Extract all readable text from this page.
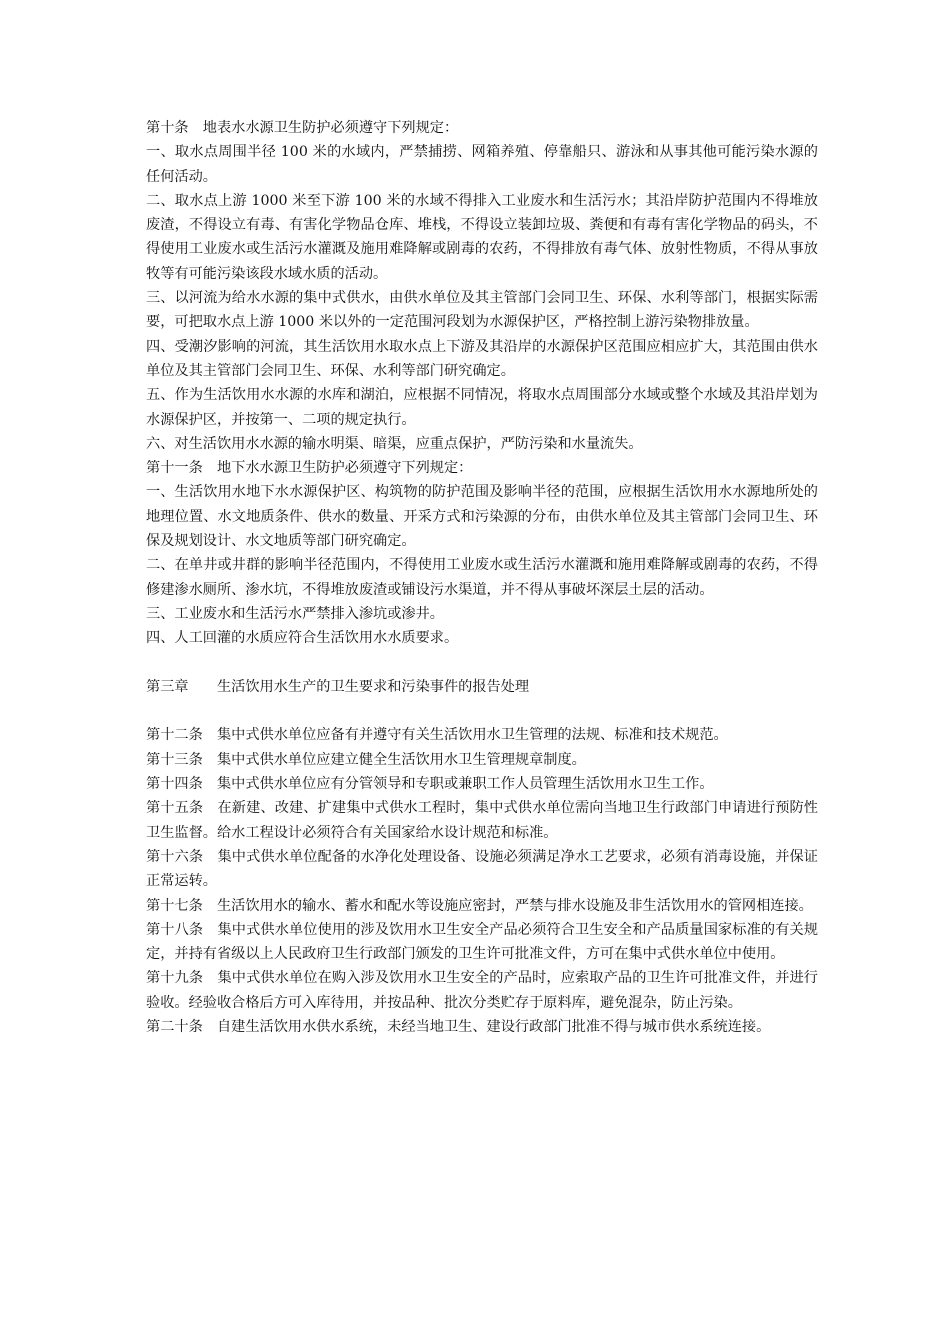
第十条　地表水水源卫生防护必须遵守下列规定：

一、取水点周围半径 100 米的水域内，严禁捕捞、网箱养殖、停靠船只、游泳和从事其他可能污染水源的任何活动。

二、取水点上游 1000 米至下游 100 米的水域不得排入工业废水和生活污水；其沿岸防护范围内不得堆放废渣，不得设立有毒、有害化学物品仓库、堆栈，不得设立装卸垃圾、粪便和有毒有害化学物品的码头，不得使用工业废水或生活污水灌溉及施用难降解或剧毒的农药，不得排放有毒气体、放射性物质，不得从事放牧等有可能污染该段水域水质的活动。

三、以河流为给水水源的集中式供水，由供水单位及其主管部门会同卫生、环保、水利等部门，根据实际需要，可把取水点上游 1000 米以外的一定范围河段划为水源保护区，严格控制上游污染物排放量。

四、受潮汐影响的河流，其生活饮用水取水点上下游及其沿岸的水源保护区范围应相应扩大，其范围由供水单位及其主管部门会同卫生、环保、水利等部门研究确定。

五、作为生活饮用水水源的水库和湖泊，应根据不同情况，将取水点周围部分水域或整个水域及其沿岸划为水源保护区，并按第一、二项的规定执行。

六、对生活饮用水水源的输水明渠、暗渠，应重点保护，严防污染和水量流失。

第十一条　地下水水源卫生防护必须遵守下列规定：

一、生活饮用水地下水水源保护区、构筑物的防护范围及影响半径的范围，应根据生活饮用水水源地所处的地理位置、水文地质条件、供水的数量、开采方式和污染源的分布，由供水单位及其主管部门会同卫生、环保及规划设计、水文地质等部门研究确定。

二、在单井或井群的影响半径范围内，不得使用工业废水或生活污水灌溉和施用难降解或剧毒的农药，不得修建渗水厕所、渗水坑，不得堆放废渣或铺设污水渠道，并不得从事破坏深层土层的活动。

三、工业废水和生活污水严禁排入渗坑或渗井。

四、人工回灌的水质应符合生活饮用水水质要求。

第三章　　生活饮用水生产的卫生要求和污染事件的报告处理

第十二条　集中式供水单位应备有并遵守有关生活饮用水卫生管理的法规、标准和技术规范。

第十三条　集中式供水单位应建立健全生活饮用水卫生管理规章制度。

第十四条　集中式供水单位应有分管领导和专职或兼职工作人员管理生活饮用水卫生工作。

第十五条　在新建、改建、扩建集中式供水工程时，集中式供水单位需向当地卫生行政部门申请进行预防性卫生监督。给水工程设计必须符合有关国家给水设计规范和标准。

第十六条　集中式供水单位配备的水净化处理设备、设施必须满足净水工艺要求，必须有消毒设施，并保证正常运转。

第十七条　生活饮用水的输水、蓄水和配水等设施应密封，严禁与排水设施及非生活饮用水的管网相连接。

第十八条　集中式供水单位使用的涉及饮用水卫生安全产品必须符合卫生安全和产品质量国家标准的有关规定，并持有省级以上人民政府卫生行政部门颁发的卫生许可批准文件，方可在集中式供水单位中使用。

第十九条　集中式供水单位在购入涉及饮用水卫生安全的产品时，应索取产品的卫生许可批准文件，并进行验收。经验收合格后方可入库待用，并按品种、批次分类贮存于原料库，避免混杂，防止污染。

第二十条　自建生活饮用水供水系统，未经当地卫生、建设行政部门批准不得与城市供水系统连接。
